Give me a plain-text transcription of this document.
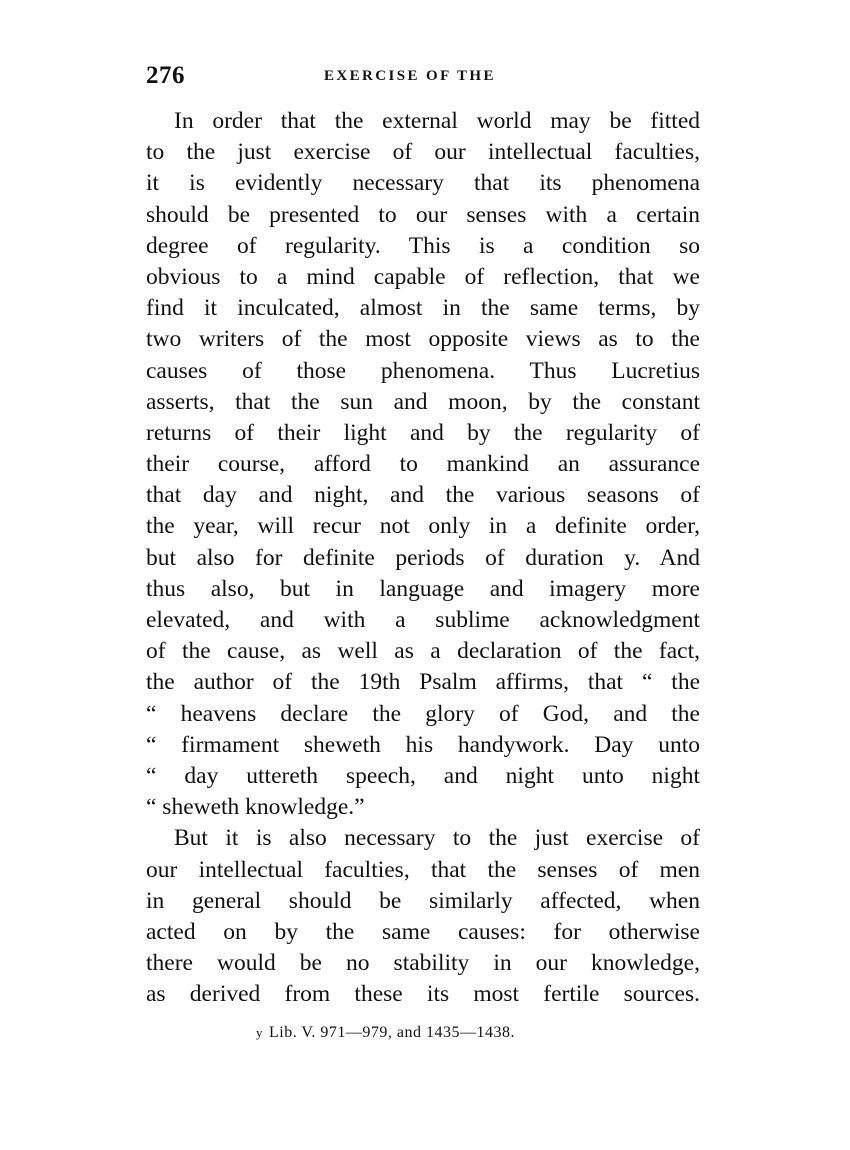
276	EXERCISE OF THE
In order that the external world may be fitted
to the just exercise of our intellectual faculties,
it is evidently necessary that its phenomena
should be presented to our senses with a certain
degree of regularity. This is a condition so
obvious to a mind capable of reflection, that we
find it inculcated, almost in the same terms, by
two writers of the most opposite views as to the
causes of those phenomena. Thus Lucretius
asserts, that the sun and moon, by the constant
returns of their light and by the regularity of
their course, afford to mankind an assurance
that day and night, and the various seasons of
the year, will recur not only in a definite order,
but also for definite periods of duration y. And
thus also, but in language and imagery more
elevated, and with a sublime acknowledgment
of the cause, as well as a declaration of the fact,
the author of the 19th Psalm affirms, that “ the
“ heavens declare the glory of God, and the
“ firmament sheweth his handywork. Day unto
“ day uttereth speech, and night unto night
“ sheweth knowledge.”
But it is also necessary to the just exercise of
our intellectual faculties, that the senses of men
in general should be similarly affected, when
acted on by the same causes: for otherwise
there would be no stability in our knowledge,
as derived from these its most fertile sources.
y Lib. V. 971—979, and 1435—1438.
